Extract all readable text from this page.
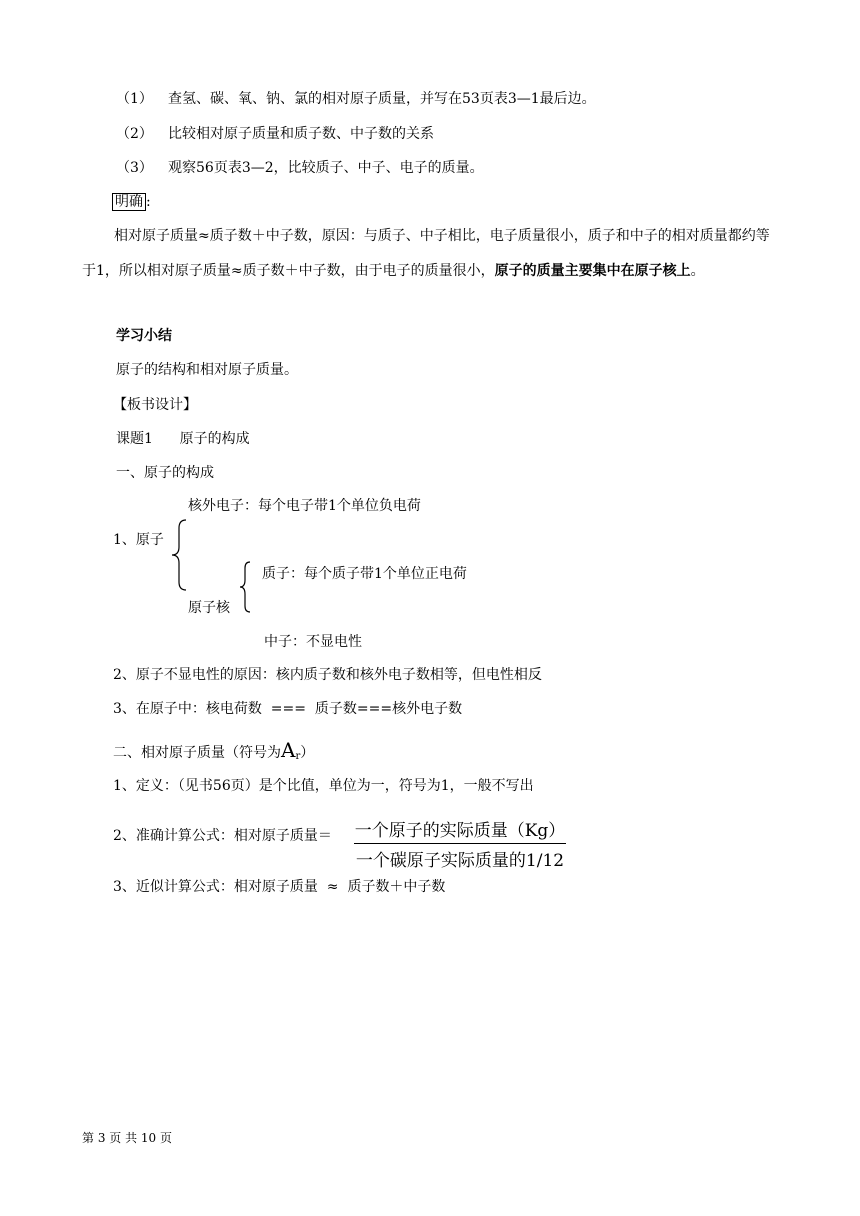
（1） 查氢、碳、氧、钠、氯的相对原子质量，并写在53页表3—1最后边。
（2） 比较相对原子质量和质子数、中子数的关系
（3） 观察56页表3—2，比较质子、中子、电子的质量。
明确 :
相对原子质量≈质子数＋中子数，原因：与质子、中子相比，电子质量很小，质子和中子的相对质量都约等于1，所以相对原子质量≈质子数＋中子数，由于电子的质量很小，原子的质量主要集中在原子核上。
学习小结
原子的结构和相对原子质量。
【板书设计】
课题1      原子的构成
一、原子的构成
核外电子：每个电子带1个单位负电荷
1、原子
质子：每个质子带1个单位正电荷
原子核
中子：不显电性
2、原子不显电性的原因：核内质子数和核外电子数相等，但电性相反
3、在原子中：核电荷数  ===  质子数===核外电子数
二、相对原子质量（符号为Ar）
1、定义：（见书56页）是个比值，单位为一，符号为1，一般不写出
2、准确计算公式：相对原子质量＝ 一个原子的实际质量（Kg）
一个碳原子实际质量的1/12
3、近似计算公式：相对原子质量  ≈  质子数＋中子数
第 3 页 共 10 页
